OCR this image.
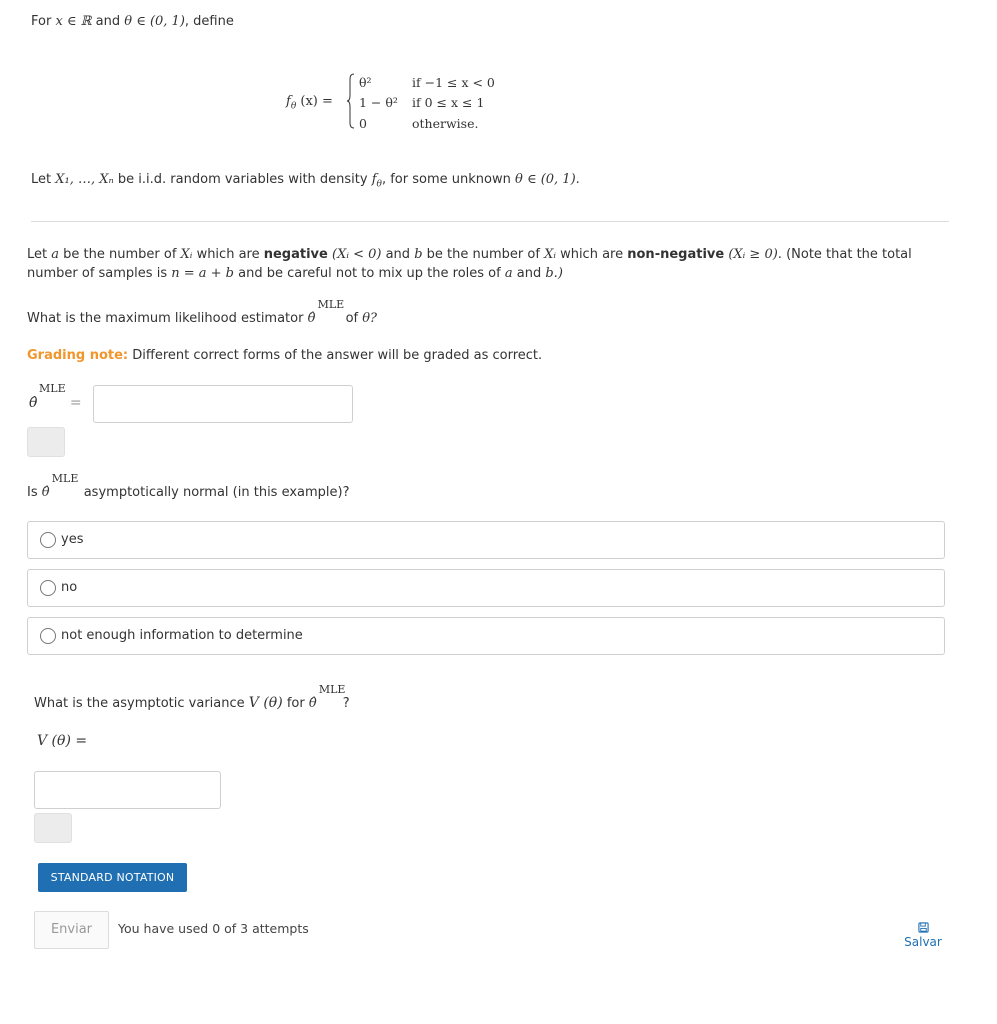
For x ∈ ℝ and θ ∈ (0, 1), define
$f_\theta$ (x) =
θ²	if −1 ≤ x < 0
1 − θ² if 0 ≤ x ≤ 1
0	otherwise.
Let X₁, …, Xₙ be i.i.d. random variables with density $f_\theta$, for some unknown θ ∈ (0, 1).
Let a be the number of Xᵢ which are negative (Xᵢ < 0) and b be the number of Xᵢ which are non-negative (Xᵢ ≥ 0). (Note that the total
number of samples is n = a + b and be careful not to mix up the roles of a and b.)
What is the maximum likelihood estimator θ̂
MLE
of θ?
Grading note: Different correct forms of the answer will be graded as correct.
θ̂
MLE
=
Is θ̂
MLE
asymptotically normal (in this example)?
yes
no
not enough information to determine
What is the asymptotic variance V (θ) for θ̂
MLE
?
V (θ) =
STANDARD NOTATION
Enviar	You have used 0 of 3 attempts
Salvar
